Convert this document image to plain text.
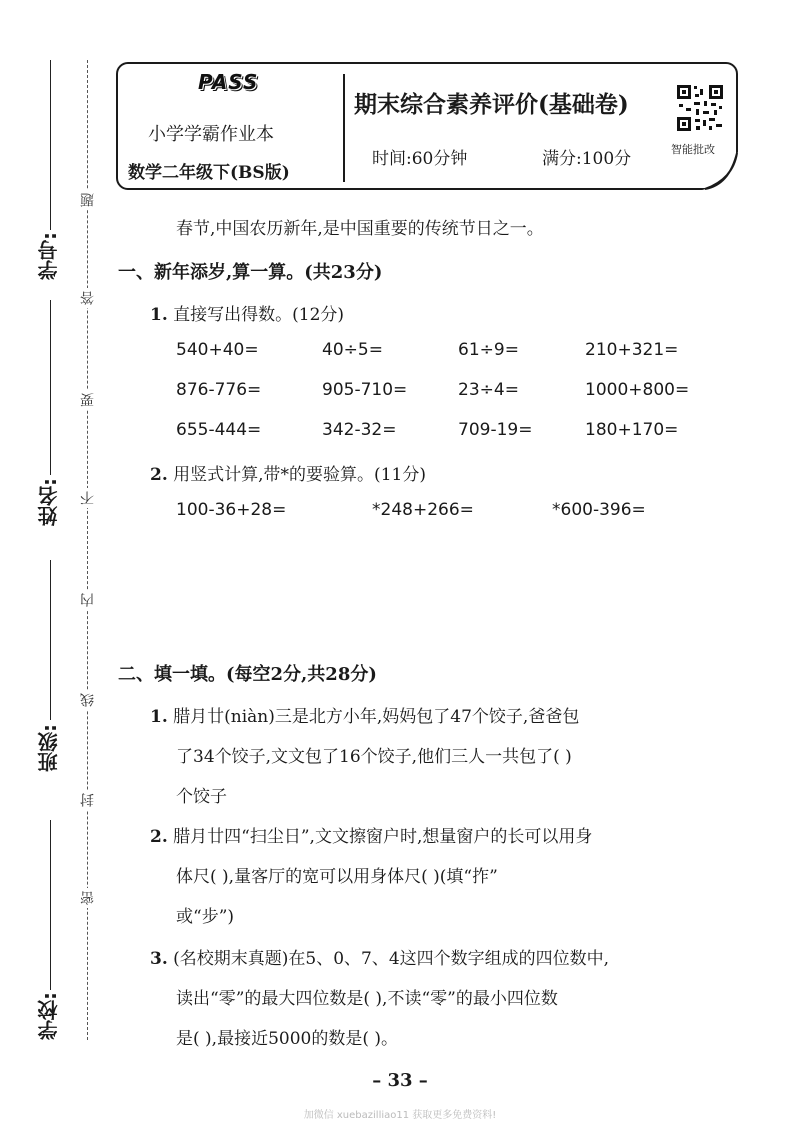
学号:
姓名:
班级:
学校:
题
答
要
不
内
线
封
密
PASS
小学学霸作业本
数学二年级下(BS版)
期末综合素养评价(基础卷)
时间:60分钟	满分:100分	智能批改
春节,中国农历新年,是中国重要的传统节日之一。
一、新年添岁,算一算。(共23分)
1. 直接写出得数。(12分)
540+40=	40÷5=	61÷9=	210+321=
876-776=	905-710=	23÷4=	1000+800=
655-444=	342-32=	709-19=	180+170=
2. 用竖式计算,带*的要验算。(11分)
100-36+28=	*248+266=	*600-396=
二、填一填。(每空2分,共28分)
1. 腊月廿(niàn)三是北方小年,妈妈包了47个饺子,爸爸包
了34个饺子,文文包了16个饺子,他们三人一共包了( )
个饺子
2. 腊月廿四“扫尘日”,文文擦窗户时,想量窗户的长可以用身
体尺( ),量客厅的宽可以用身体尺( )(填“拃”
或“步”)
3. (名校期末真题)在5、0、7、4这四个数字组成的四位数中,
读出“零”的最大四位数是( ),不读“零”的最小四位数
是( ),最接近5000的数是( )。
– 33 –
加微信 xuebazilliao11 获取更多免费资料!
